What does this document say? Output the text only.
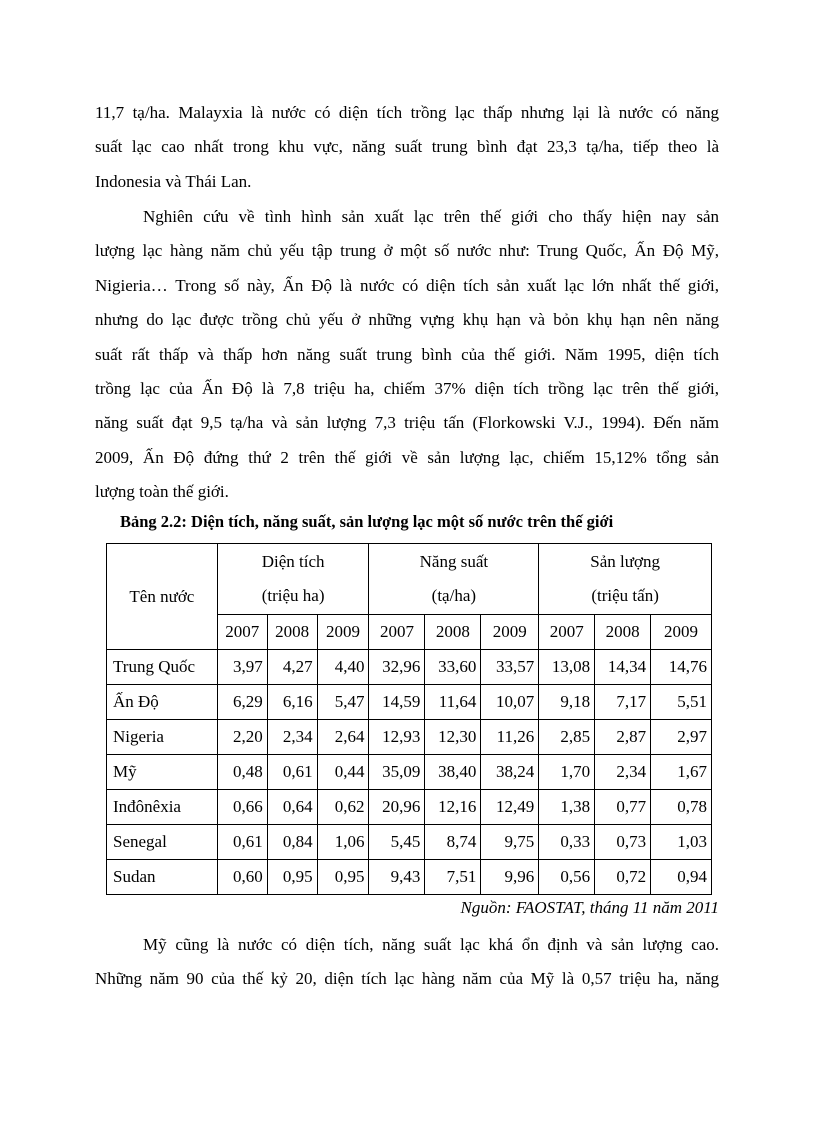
11,7 tạ/ha. Malayxia là nước có diện tích trồng lạc thấp nhưng lại là nước có năng
suất lạc cao nhất trong khu vực, năng suất trung bình đạt 23,3 tạ/ha, tiếp theo là
Indonesia và Thái Lan.
Nghiên cứu về tình hình sản xuất lạc trên thế giới cho thấy hiện nay sản
lượng lạc hàng năm chủ yếu tập trung ở một số nước như: Trung Quốc, Ấn Độ Mỹ,
Nigieria… Trong số này, Ấn Độ là nước có diện tích sản xuất lạc lớn nhất thế giới,
nhưng do lạc được trồng chủ yếu ở những vựng khụ hạn và bỏn khụ hạn nên năng
suất rất thấp và thấp hơn năng suất trung bình của thế giới. Năm 1995, diện tích
trồng lạc của Ấn Độ là 7,8 triệu ha, chiếm 37% diện tích trồng lạc trên thế giới,
năng suất đạt 9,5 tạ/ha và sản lượng 7,3 triệu tấn (Florkowski V.J., 1994). Đến năm
2009, Ấn Độ đứng thứ 2 trên thế giới về sản lượng lạc, chiếm 15,12% tổng sản
lượng toàn thế giới.

Bảng 2.2: Diện tích, năng suất, sản lượng lạc một số nước trên thế giới

Tên nước	Diện tích
(triệu ha)			Năng suất
(tạ/ha)			Sản lượng
(triệu tấn)		
	2007	2008	2009	2007	2008	2009	2007	2008	2009
Trung Quốc	3,97	4,27	4,40	32,96	33,60	33,57	13,08	14,34	14,76
Ấn Độ	6,29	6,16	5,47	14,59	11,64	10,07	9,18	7,17	5,51
Nigeria	2,20	2,34	2,64	12,93	12,30	11,26	2,85	2,87	2,97
Mỹ	0,48	0,61	0,44	35,09	38,40	38,24	1,70	2,34	1,67
Inđônêxia	0,66	0,64	0,62	20,96	12,16	12,49	1,38	0,77	0,78
Senegal	0,61	0,84	1,06	5,45	8,74	9,75	0,33	0,73	1,03
Sudan	0,60	0,95	0,95	9,43	7,51	9,96	0,56	0,72	0,94

Nguồn: FAOSTAT, tháng 11 năm 2011

Mỹ cũng là nước có diện tích, năng suất lạc khá ổn định và sản lượng cao.
Những năm 90 của thế kỷ 20, diện tích lạc hàng năm của Mỹ là 0,57 triệu ha, năng
